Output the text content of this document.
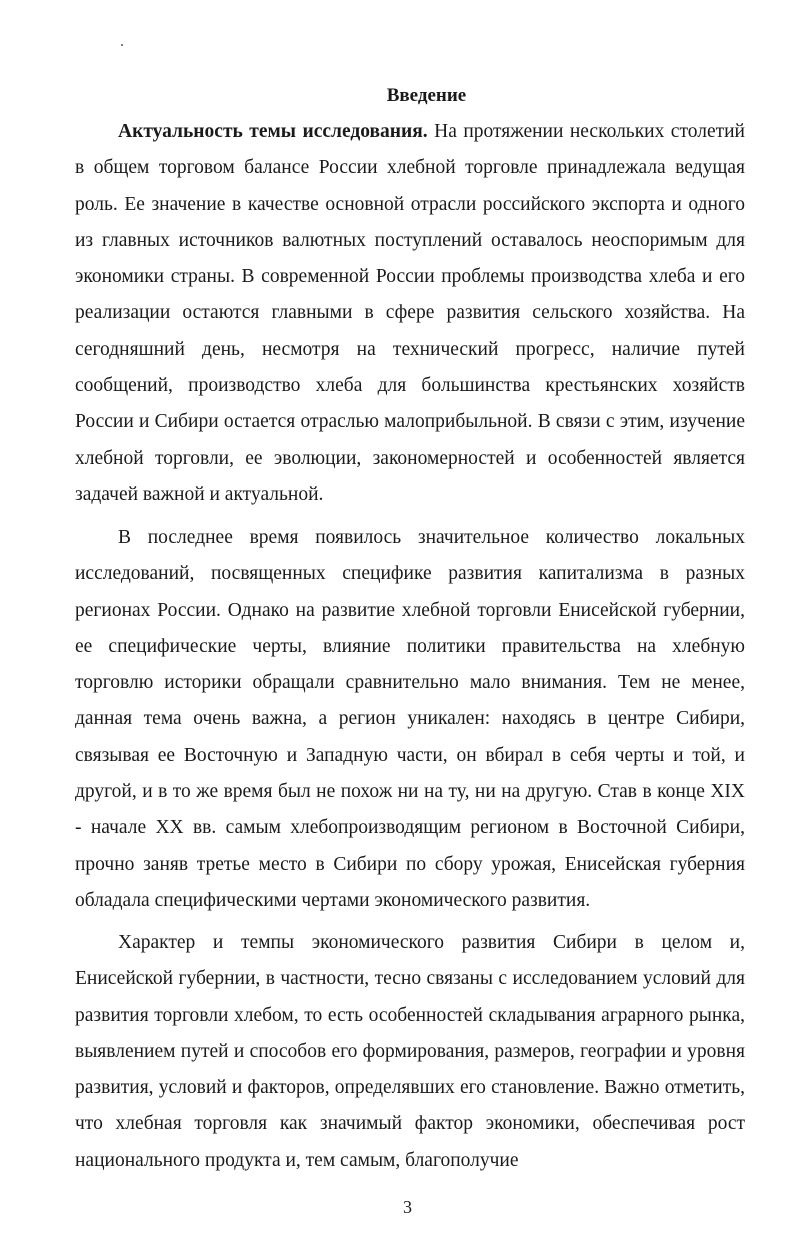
Введение

Актуальность темы исследования. На протяжении нескольких столетий в общем торговом балансе России хлебной торговле принадлежала ведущая роль. Ее значение в качестве основной отрасли российского экспорта и одного из главных источников валютных поступлений оставалось неоспоримым для экономики страны. В современной России проблемы производства хлеба и его реализации остаются главными в сфере развития сельского хозяйства. На сегодняшний день, несмотря на технический прогресс, наличие путей сообщений, производство хлеба для большинства крестьянских хозяйств России и Сибири остается отраслью малоприбыльной. В связи с этим, изучение хлебной торговли, ее эволюции, закономерностей и особенностей является задачей важной и актуальной.

В последнее время появилось значительное количество локальных исследований, посвященных специфике развития капитализма в разных регионах России. Однако на развитие хлебной торговли Енисейской губернии, ее специфические черты, влияние политики правительства на хлебную торговлю историки обращали сравнительно мало внимания. Тем не менее, данная тема очень важна, а регион уникален: находясь в центре Сибири, связывая ее Восточную и Западную части, он вбирал в себя черты и той, и другой, и в то же время был не похож ни на ту, ни на другую. Став в конце XIX - начале XX вв. самым хлебопроизводящим регионом в Восточной Сибири, прочно заняв третье место в Сибири по сбору урожая, Енисейская губерния обладала специфическими чертами экономического развития.

Характер и темпы экономического развития Сибири в целом и, Енисейской губернии, в частности, тесно связаны с исследованием условий для развития торговли хлебом, то есть особенностей складывания аграрного рынка, выявлением путей и способов его формирования, размеров, географии и уровня развития, условий и факторов, определявших его становление. Важно отметить, что хлебная торговля как значимый фактор экономики, обеспечивая рост национального продукта и, тем самым, благополучие

3
